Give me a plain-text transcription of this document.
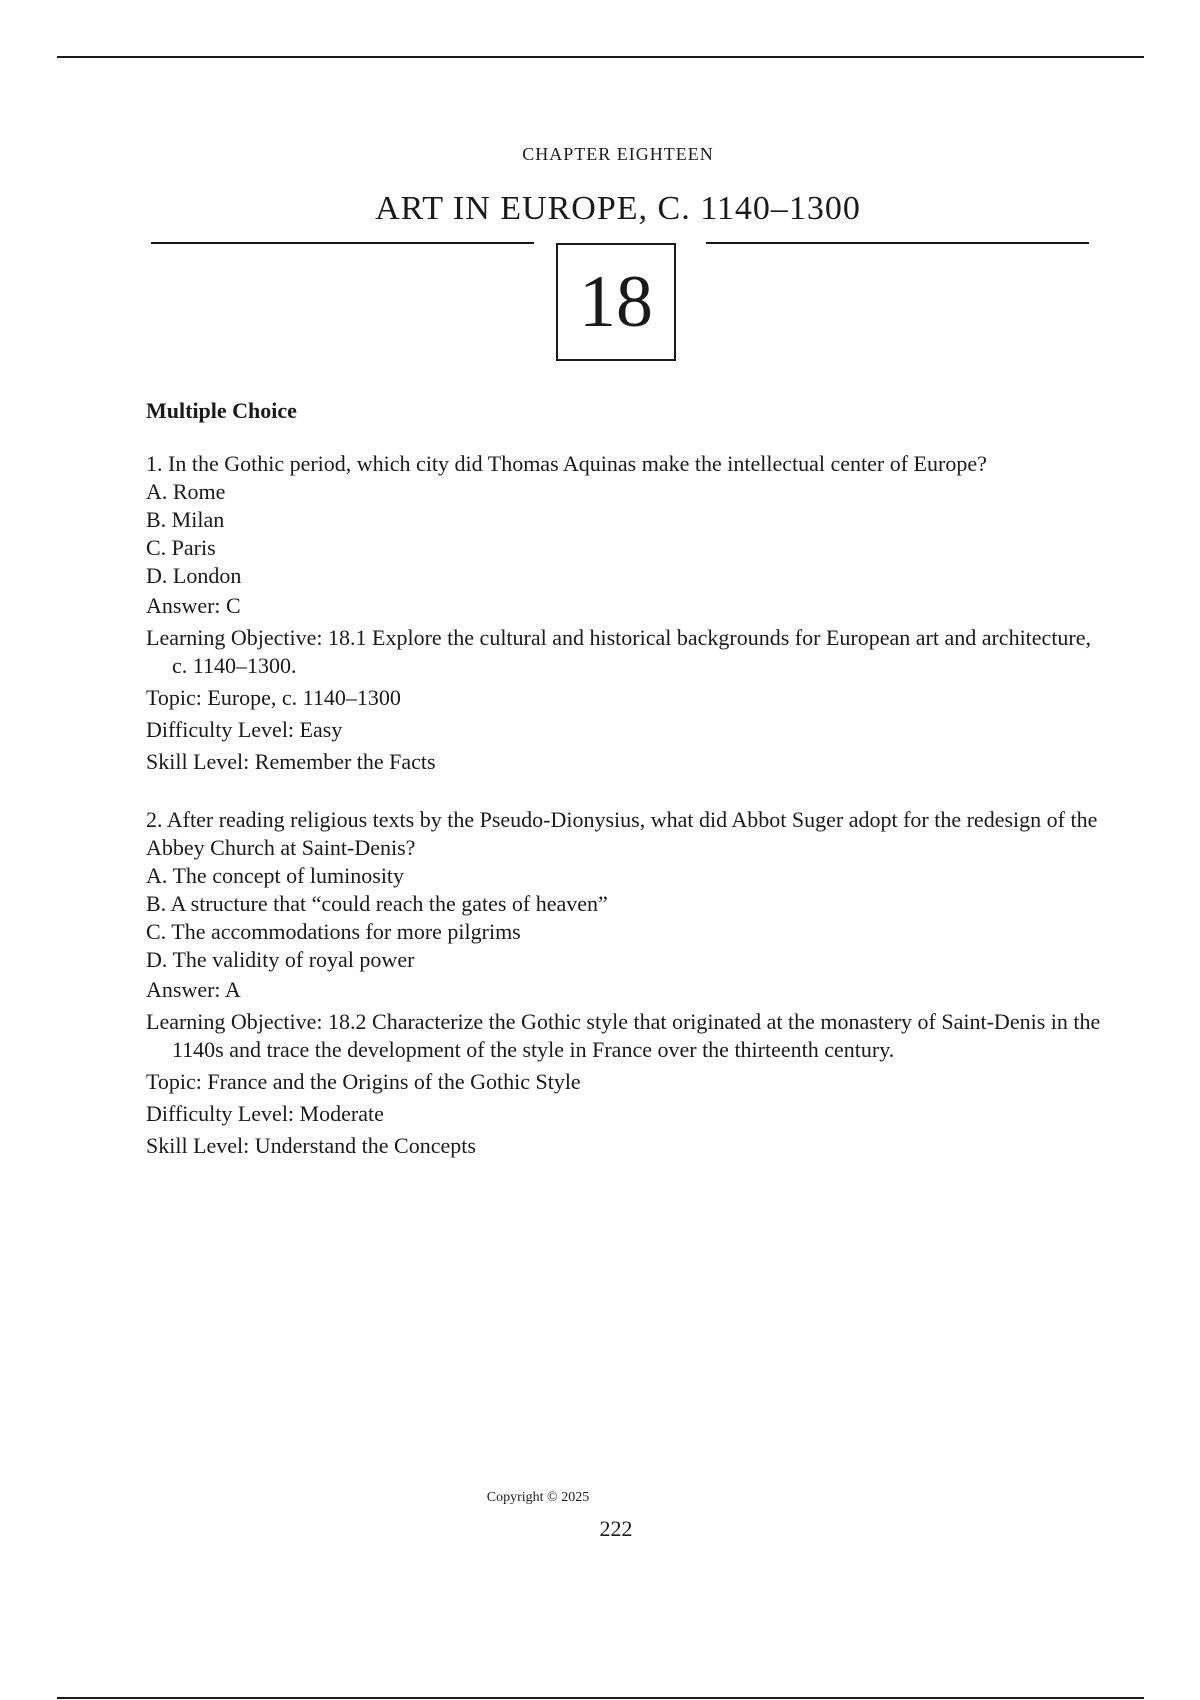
CHAPTER EIGHTEEN
ART IN EUROPE, C. 1140–1300
18
Multiple Choice

1. In the Gothic period, which city did Thomas Aquinas make the intellectual center of Europe?

A. Rome

B. Milan

C. Paris

D. London

Answer: C

Learning Objective: 18.1 Explore the cultural and historical backgrounds for European art and architecture, c. 1140–1300.

Topic: Europe, c. 1140–1300

Difficulty Level: Easy

Skill Level: Remember the Facts

2. After reading religious texts by the Pseudo-Dionysius, what did Abbot Suger adopt for the redesign of the Abbey Church at Saint-Denis?

A. The concept of luminosity

B. A structure that “could reach the gates of heaven”

C. The accommodations for more pilgrims

D. The validity of royal power

Answer: A

Learning Objective: 18.2 Characterize the Gothic style that originated at the monastery of Saint-Denis in the 1140s and trace the development of the style in France over the thirteenth century.

Topic: France and the Origins of the Gothic Style

Difficulty Level: Moderate

Skill Level: Understand the Concepts

Copyright © 2025
222
